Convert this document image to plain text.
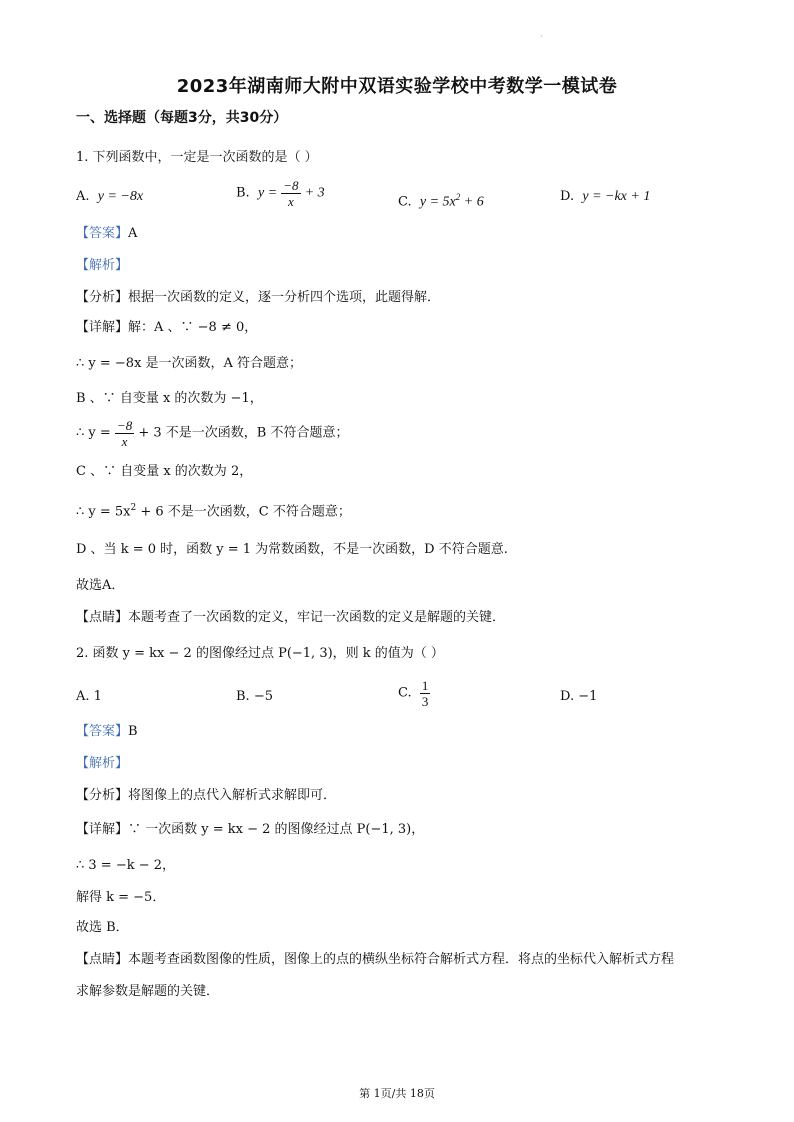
·
2023年湖南师大附中双语实验学校中考数学一模试卷
一、选择题（每题3分，共30分）
1. 下列函数中，一定是一次函数的是（ ）
A. y = −8x	B. $y = \frac{-8}{x} + 3$
C. $y = 5x^2 + 6$	D. y = −kx + 1
【答案】A
【解析】
【分析】根据一次函数的定义，逐一分析四个选项，此题得解．
【详解】解：A 、∵ −8 ≠ 0，
∴ y = −8x 是一次函数，A 符合题意；
B 、∵ 自变量 x 的次数为 −1，
∴ $y = \frac{-8}{x} + 3$ 不是一次函数，B 不符合题意；
C 、∵ 自变量 x 的次数为 2，
∴ $y = 5x^2 + 6$ 不是一次函数，C 不符合题意；
D 、当 k = 0 时，函数 y = 1 为常数函数，不是一次函数，D 不符合题意.
故选A．
【点睛】本题考查了一次函数的定义，牢记一次函数的定义是解题的关键．
2. 函数 y = kx − 2 的图像经过点 P(−1, 3)，则 k 的值为（ ）
A. 1	B. −5	C. $\frac{1}{3}$	D. −1
【答案】B
【解析】
【分析】将图像上的点代入解析式求解即可．
【详解】∵ 一次函数 y = kx − 2 的图像经过点 P(−1, 3)，
∴ 3 = −k − 2，
解得 k = −5．
故选 B．
【点睛】本题考查函数图像的性质，图像上的点的横纵坐标符合解析式方程．将点的坐标代入解析式方程
求解参数是解题的关键．
第 1页/共 18页
